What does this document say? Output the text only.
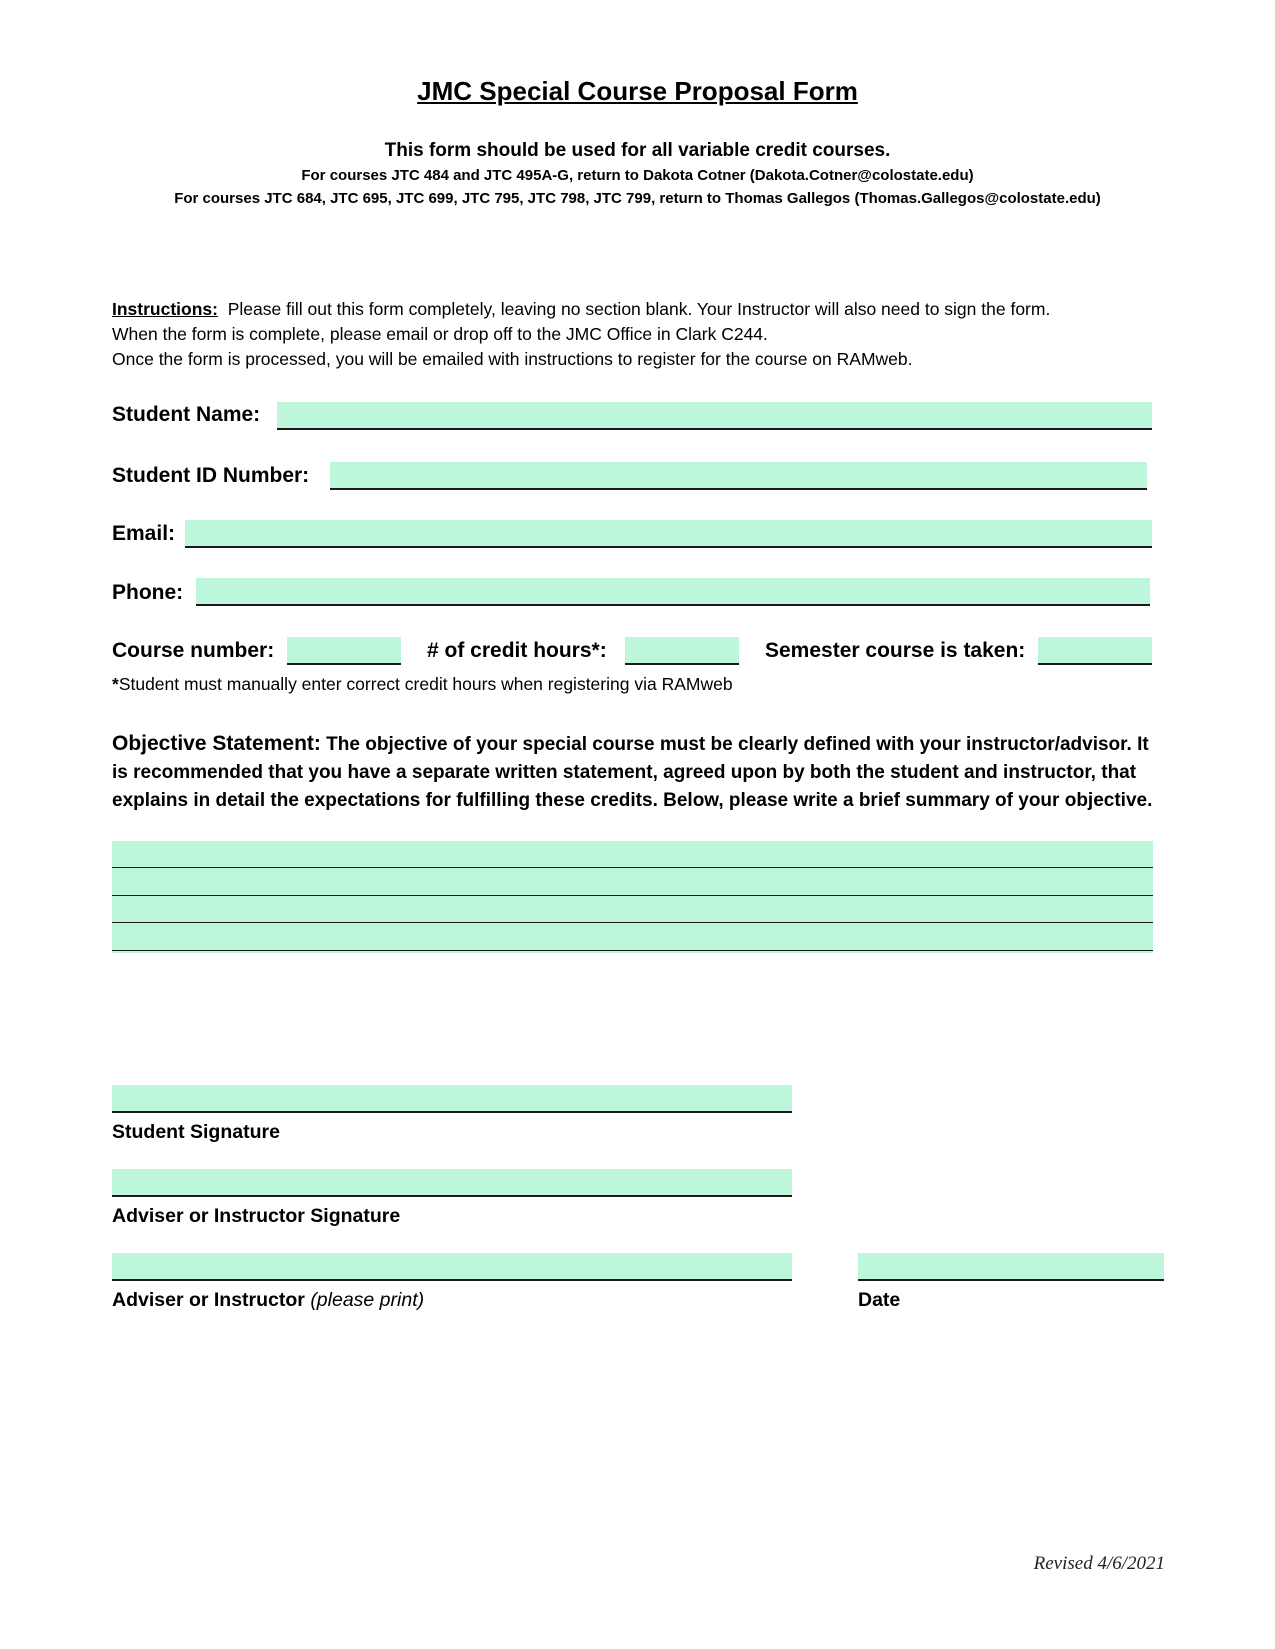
JMC Special Course Proposal Form
This form should be used for all variable credit courses.
For courses JTC 484 and JTC 495A-G, return to Dakota Cotner (Dakota.Cotner@colostate.edu)
For courses JTC 684, JTC 695, JTC 699, JTC 795, JTC 798, JTC 799, return to Thomas Gallegos (Thomas.Gallegos@colostate.edu)
Instructions: Please fill out this form completely, leaving no section blank. Your Instructor will also need to sign the form.
When the form is complete, please email or drop off to the JMC Office in Clark C244.
Once the form is processed, you will be emailed with instructions to register for the course on RAMweb.
Student Name:
Student ID Number:
Email:
Phone:
Course number:	# of credit hours*:	Semester course is taken:
*Student must manually enter correct credit hours when registering via RAMweb
Objective Statement: The objective of your special course must be clearly defined with your instructor/advisor. It is recommended that you have a separate written statement, agreed upon by both the student and instructor, that explains in detail the expectations for fulfilling these credits. Below, please write a brief summary of your objective.
Student Signature
Adviser or Instructor Signature
Adviser or Instructor (please print)	Date
Revised 4/6/2021
